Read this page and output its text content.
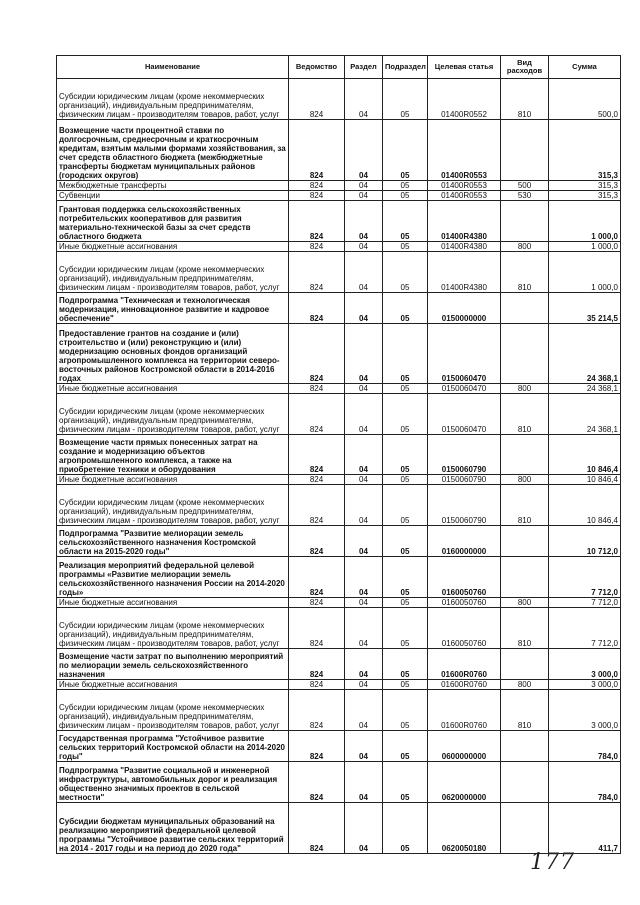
Наименование	Ведомство	Раздел	Подраздел	Целевая статья	Вид расходов	Сумма
Субсидии юридическим лицам (кроме некоммерческих организаций), индивидуальным предпринимателям, физическим лицам - производителям товаров, работ, услуг	824	04	05	01400R0552	810	500,0
Возмещение части процентной ставки по долгосрочным, среднесрочным и краткосрочным кредитам, взятым малыми формами хозяйствования, за счет средств областного бюджета (межбюджетные трансферты бюджетам муниципальных районов (городских округов)	824	04	05	01400R0553		315,3
Межбюджетные трансферты	824	04	05	01400R0553	500	315,3
Субвенции	824	04	05	01400R0553	530	315,3
Грантовая поддержка сельскохозяйственных потребительских кооперативов для развития материально-технической базы за счет средств областного бюджета	824	04	05	01400R4380		1 000,0
Иные бюджетные ассигнования	824	04	05	01400R4380	800	1 000,0
Субсидии юридическим лицам (кроме некоммерческих организаций), индивидуальным предпринимателям, физическим лицам - производителям товаров, работ, услуг	824	04	05	01400R4380	810	1 000,0
Подпрограмма "Техническая и технологическая модернизация, инновационное развитие и кадровое обеспечение"	824	04	05	0150000000		35 214,5
Предоставление грантов на создание и (или) строительство и (или) реконструкцию и (или) модернизацию основных фондов организаций агропромышленного комплекса на территории северо-восточных районов Костромской области в 2014-2016 годах	824	04	05	0150060470		24 368,1
Иные бюджетные ассигнования	824	04	05	0150060470	800	24 368,1
Субсидии юридическим лицам (кроме некоммерческих организаций), индивидуальным предпринимателям, физическим лицам - производителям товаров, работ, услуг	824	04	05	0150060470	810	24 368,1
Возмещение части прямых понесенных затрат на создание и модернизацию объектов агропромышленного комплекса, а также на приобретение техники и оборудования	824	04	05	0150060790		10 846,4
Иные бюджетные ассигнования	824	04	05	0150060790	800	10 846,4
Субсидии юридическим лицам (кроме некоммерческих организаций), индивидуальным предпринимателям, физическим лицам - производителям товаров, работ, услуг	824	04	05	0150060790	810	10 846,4
Подпрограмма "Развитие мелиорации земель сельскохозяйственного назначения Костромской области на 2015-2020 годы"	824	04	05	0160000000		10 712,0
Реализация мероприятий федеральной целевой программы «Развитие мелиорации земель сельскохозяйственного назначения России на 2014-2020 годы»	824	04	05	0160050760		7 712,0
Иные бюджетные ассигнования	824	04	05	0160050760	800	7 712,0
Субсидии юридическим лицам (кроме некоммерческих организаций), индивидуальным предпринимателям, физическим лицам - производителям товаров, работ, услуг	824	04	05	0160050760	810	7 712,0
Возмещение части затрат по выполнению мероприятий по мелиорации земель сельскохозяйственного назначения	824	04	05	01600R0760		3 000,0
Иные бюджетные ассигнования	824	04	05	01600R0760	800	3 000,0
Субсидии юридическим лицам (кроме некоммерческих организаций), индивидуальным предпринимателям, физическим лицам - производителям товаров, работ, услуг	824	04	05	01600R0760	810	3 000,0
Государственная программа "Устойчивое развитие сельских территорий Костромской области на 2014-2020 годы"	824	04	05	0600000000		784,0
Подпрограмма "Развитие социальной и инженерной инфраструктуры, автомобильных дорог и реализация общественно значимых проектов в сельской местности"	824	04	05	0620000000		784,0
Субсидии бюджетам муниципальных образований на реализацию мероприятий федеральной целевой программы "Устойчивое развитие сельских территорий на 2014 - 2017 годы и на период до 2020 года"	824	04	05	0620050180		411,7
177
